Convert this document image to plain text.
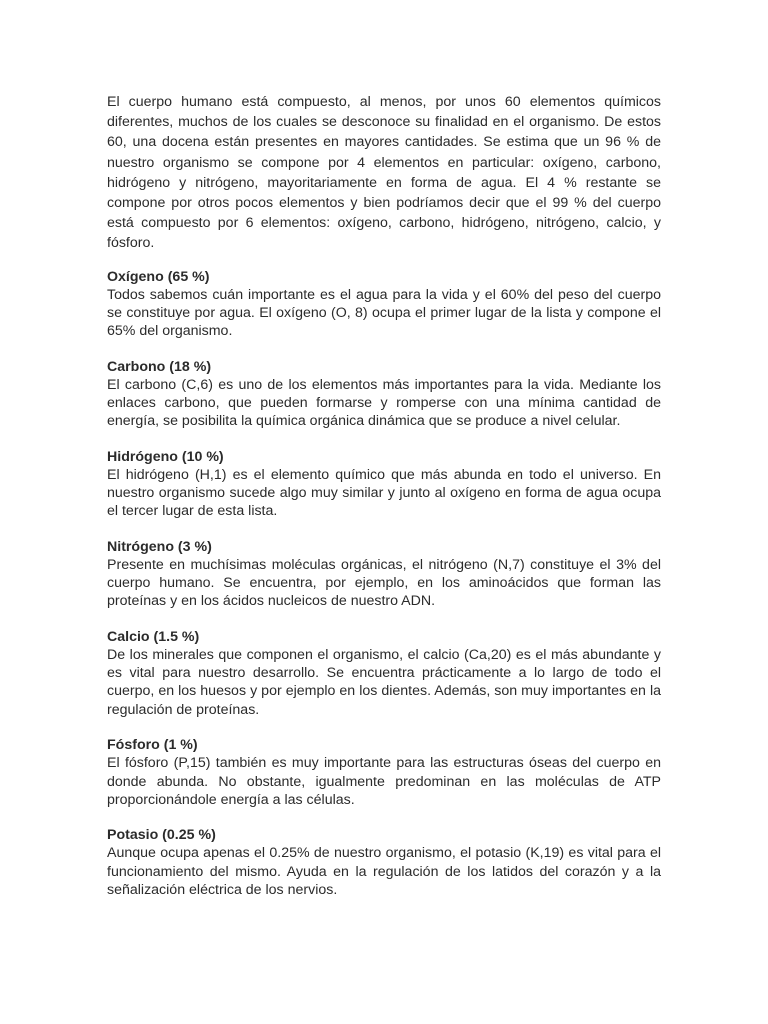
El cuerpo humano está compuesto, al menos, por unos 60 elementos químicos diferentes, muchos de los cuales se desconoce su finalidad en el organismo. De estos 60, una docena están presentes en mayores cantidades. Se estima que un 96 % de nuestro organismo se compone por 4 elementos en particular: oxígeno, carbono, hidrógeno y nitrógeno, mayoritariamente en forma de agua. El 4 % restante se compone por otros pocos elementos y bien podríamos decir que el 99 % del cuerpo está compuesto por 6 elementos: oxígeno, carbono, hidrógeno, nitrógeno, calcio, y fósforo.

Oxígeno (65 %)

Todos sabemos cuán importante es el agua para la vida y el 60% del peso del cuerpo se constituye por agua. El oxígeno (O, 8) ocupa el primer lugar de la lista y compone el 65% del organismo.

Carbono (18 %)

El carbono (C,6) es uno de los elementos más importantes para la vida. Mediante los enlaces carbono, que pueden formarse y romperse con una mínima cantidad de energía, se posibilita la química orgánica dinámica que se produce a nivel celular.

Hidrógeno (10 %)

El hidrógeno (H,1) es el elemento químico que más abunda en todo el universo. En nuestro organismo sucede algo muy similar y junto al oxígeno en forma de agua ocupa el tercer lugar de esta lista.

Nitrógeno (3 %)

Presente en muchísimas moléculas orgánicas, el nitrógeno (N,7) constituye el 3% del cuerpo humano. Se encuentra, por ejemplo, en los aminoácidos que forman las proteínas y en los ácidos nucleicos de nuestro ADN.

Calcio (1.5 %)

De los minerales que componen el organismo, el calcio (Ca,20) es el más abundante y es vital para nuestro desarrollo. Se encuentra prácticamente a lo largo de todo el cuerpo, en los huesos y por ejemplo en los dientes. Además, son muy importantes en la regulación de proteínas.

Fósforo (1 %)

El fósforo (P,15) también es muy importante para las estructuras óseas del cuerpo en donde abunda. No obstante, igualmente predominan en las moléculas de ATP proporcionándole energía a las células.

Potasio (0.25 %)

Aunque ocupa apenas el 0.25% de nuestro organismo, el potasio (K,19) es vital para el funcionamiento del mismo. Ayuda en la regulación de los latidos del corazón y a la señalización eléctrica de los nervios.
